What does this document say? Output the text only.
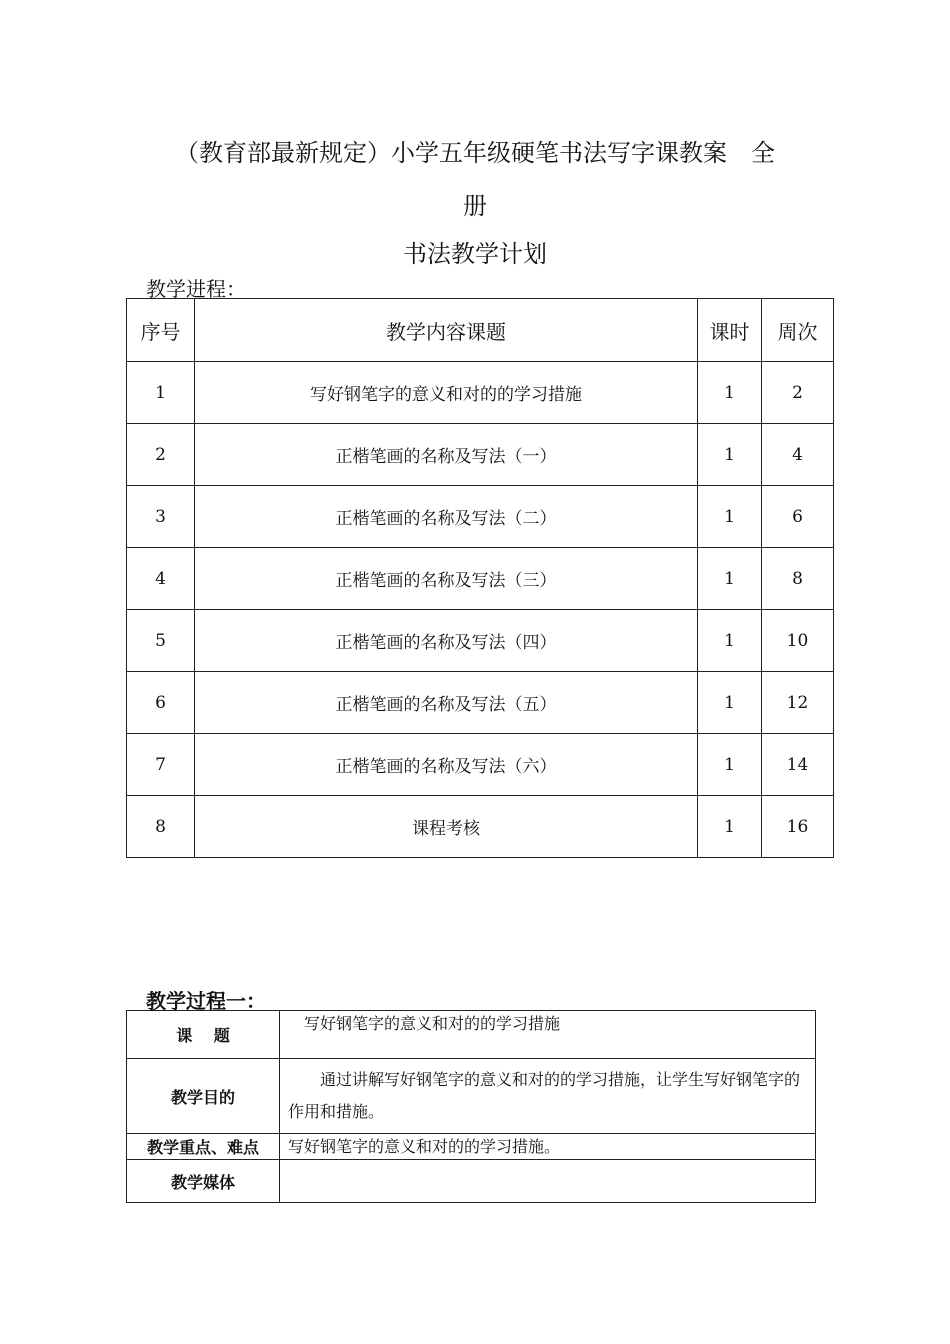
（教育部最新规定）小学五年级硬笔书法写字课教案　全
册
书法教学计划
教学进程：
序号	教学内容课题	课时	周次
1	写好钢笔字的意义和对的的学习措施	1	2
2	正楷笔画的名称及写法（一）	1	4
3	正楷笔画的名称及写法（二）	1	6
4	正楷笔画的名称及写法（三）	1	8
5	正楷笔画的名称及写法（四）	1	10
6	正楷笔画的名称及写法（五）	1	12
7	正楷笔画的名称及写法（六）	1	14
8	课程考核	1	16
教学过程一：
课　 题	　写好钢笔字的意义和对的的学习措施
教学目的	通过讲解写好钢笔字的意义和对的的学习措施，让学生写好钢笔字的作用和措施。
教学重点、难点	写好钢笔字的意义和对的的学习措施。
教学媒体	
